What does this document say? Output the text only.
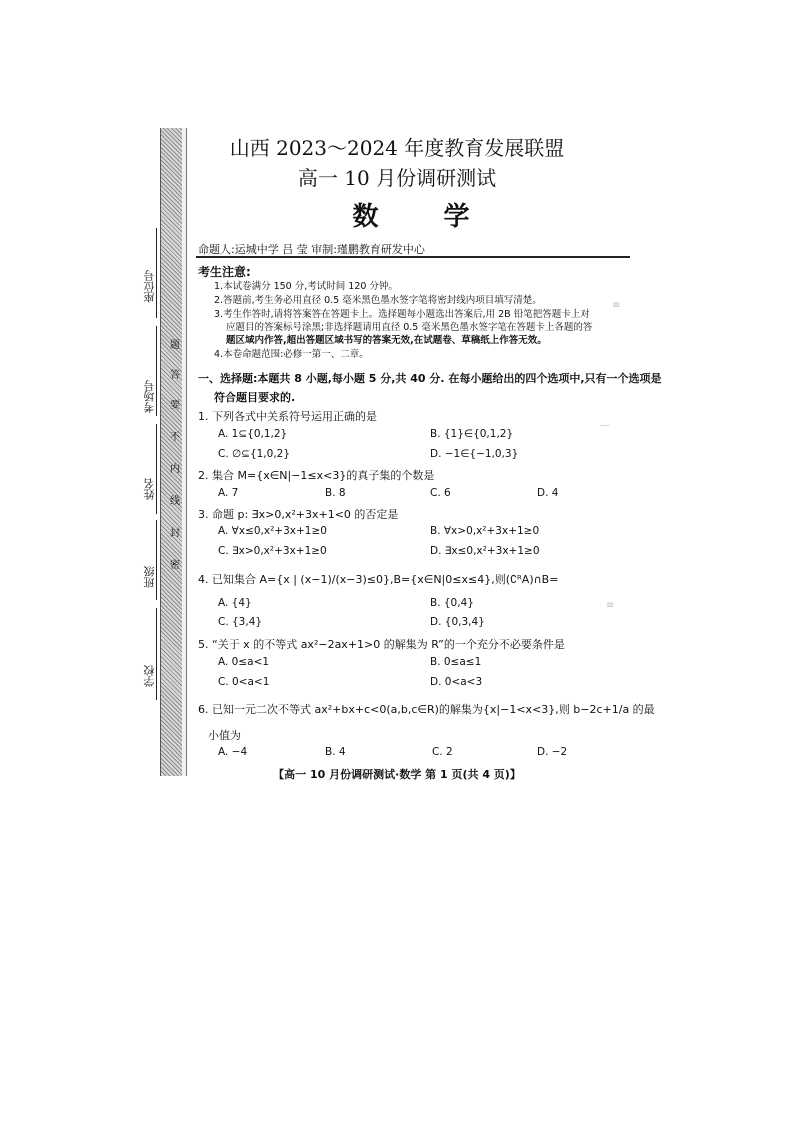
座位号
考场号
姓名
班级
学校
题
答
要
不
内
线
封
密
≡
—
≡
山西 2023～2024 年度教育发展联盟
高一 10 月份调研测试
数 学
命题人:运城中学 吕 莹 审制:瑾鹏教育研发中心
考生注意:
1.本试卷满分 150 分,考试时间 120 分钟。
2.答题前,考生务必用直径 0.5 毫米黑色墨水签字笔将密封线内项目填写清楚。
3.考生作答时,请将答案答在答题卡上。选择题每小题选出答案后,用 2B 铅笔把答题卡上对
应题目的答案标号涂黑;非选择题请用直径 0.5 毫米黑色墨水签字笔在答题卡上各题的答
题区域内作答,超出答题区域书写的答案无效,在试题卷、草稿纸上作答无效。
4.本卷命题范围:必修一第一、二章。
一、选择题:本题共 8 小题,每小题 5 分,共 40 分. 在每小题给出的四个选项中,只有一个选项是
符合题目要求的.
1. 下列各式中关系符号运用正确的是
A. 1⊆{0,1,2}	B. {1}∈{0,1,2}
C. ∅⊆{1,0,2}	D. −1∈{−1,0,3}
2. 集合 M={x∈N|−1≤x<3}的真子集的个数是
A. 7	B. 8	C. 6	D. 4
3. 命题 p: ∃x>0,x²+3x+1<0 的否定是
A. ∀x≤0,x²+3x+1≥0	B. ∀x>0,x²+3x+1≥0
C. ∃x>0,x²+3x+1≥0	D. ∃x≤0,x²+3x+1≥0
4. 已知集合 A={x | (x−1)/(x−3)≤0},B={x∈N|0≤x≤4},则(∁ᴿA)∩B=
A. {4}	B. {0,4}
C. {3,4}	D. {0,3,4}
5. “关于 x 的不等式 ax²−2ax+1>0 的解集为 R”的一个充分不必要条件是
A. 0≤a<1	B. 0≤a≤1
C. 0<a<1	D. 0<a<3
6. 已知一元二次不等式 ax²+bx+c<0(a,b,c∈R)的解集为{x|−1<x<3},则 b−2c+1/a 的最
小值为
A. −4	B. 4	C. 2	D. −2
【高一 10 月份调研测试·数学 第 1 页(共 4 页)】
